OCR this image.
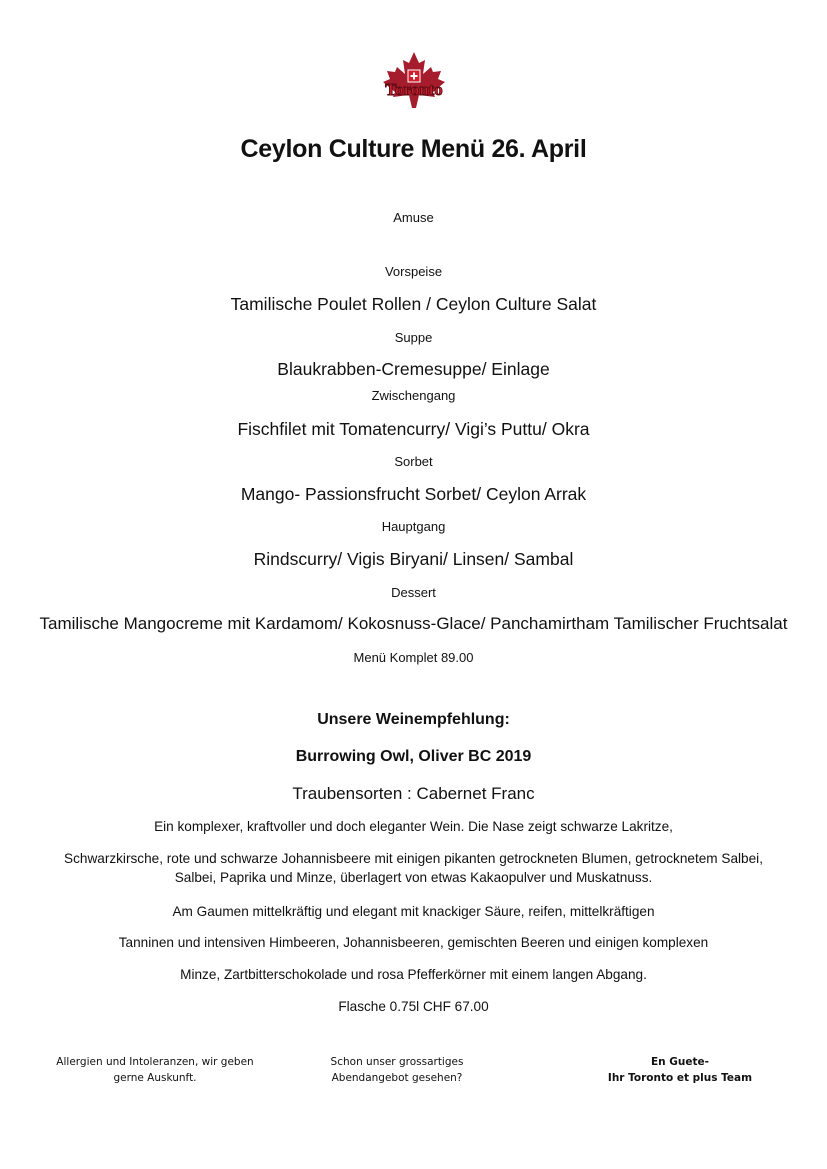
Toronto
Ceylon Culture Menü 26. April
Amuse
Vorspeise
Tamilische Poulet Rollen / Ceylon Culture Salat
Suppe
Blaukrabben-Cremesuppe/ Einlage
Zwischengang
Fischfilet mit Tomatencurry/ Vigi’s Puttu/ Okra
Sorbet
Mango- Passionsfrucht Sorbet/ Ceylon Arrak
Hauptgang
Rindscurry/ Vigis Biryani/ Linsen/ Sambal
Dessert
Tamilische Mangocreme mit Kardamom/ Kokosnuss-Glace/ Panchamirtham Tamilischer Fruchtsalat
Menü Komplet 89.00
Unsere Weinempfehlung:
Burrowing Owl, Oliver BC 2019
Traubensorten : Cabernet Franc
Ein komplexer, kraftvoller und doch eleganter Wein. Die Nase zeigt schwarze Lakritze,
Schwarzkirsche, rote und schwarze Johannisbeere mit einigen pikanten getrockneten Blumen, getrocknetem Salbei,
Salbei, Paprika und Minze, überlagert von etwas Kakaopulver und Muskatnuss.
Am Gaumen mittelkräftig und elegant mit knackiger Säure, reifen, mittelkräftigen
Tanninen und intensiven Himbeeren, Johannisbeeren, gemischten Beeren und einigen komplexen
Minze, Zartbitterschokolade und rosa Pfefferkörner mit einem langen Abgang.
Flasche 0.75l CHF 67.00
Allergien und Intoleranzen, wir geben
gerne Auskunft.
Schon unser grossartiges
Abendangebot gesehen?
En Guete-
Ihr Toronto et plus Team
